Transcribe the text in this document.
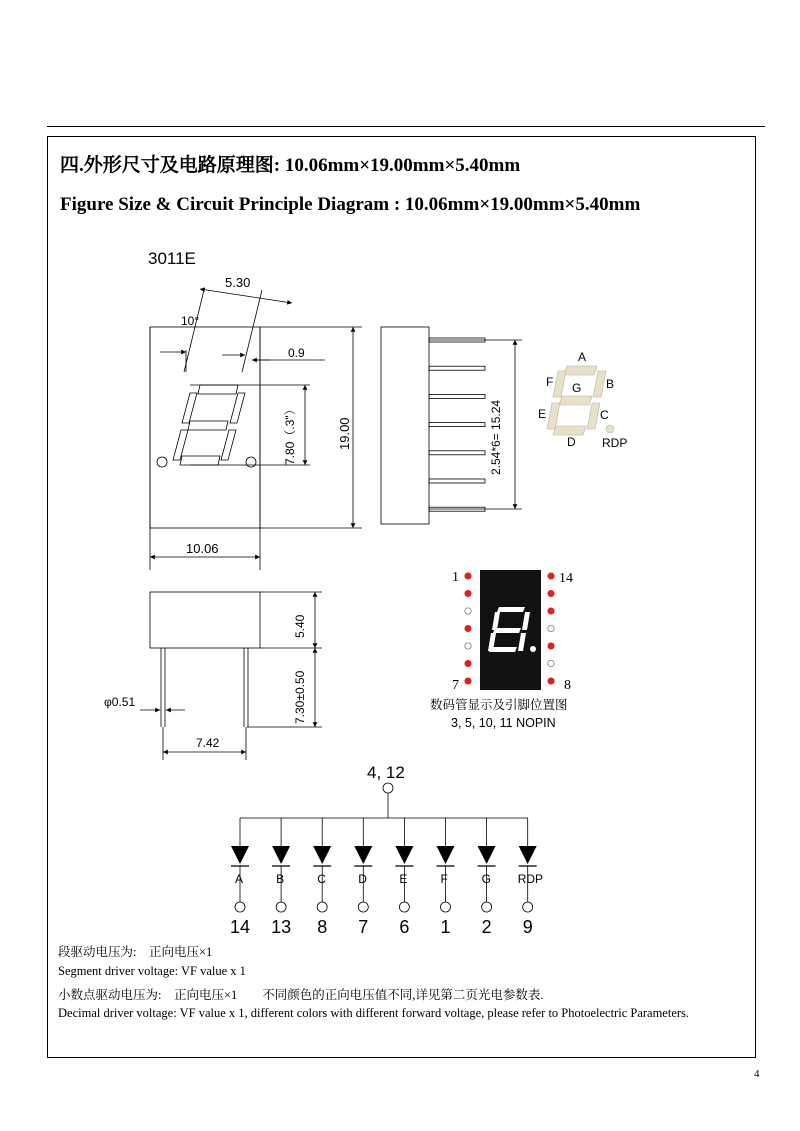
四.外形尺寸及电路原理图: 10.06mm×19.00mm×5.40mm
Figure Size & Circuit Principle Diagram : 10.06mm×19.00mm×5.40mm
3011E
5.30
10°
0.9
7.80（.3"）	19.00
10.06
2.54*6= 15.24
A
F	B
G
E	C
D RDP
5.40
7.30±0.50
φ0.51
7.42
1	14
7	8
数码管显示及引脚位置图
3, 5, 10, 11 NOPIN
4, 12
A
14
B
13
C
8
D
7
E
6
F
1
G
2
RDP
9
段驱动电压为:　正向电压×1
Segment driver voltage: VF value x 1
小数点驱动电压为:　正向电压×1　　不同颜色的正向电压值不同,详见第二页光电参数表.
Decimal driver voltage: VF value x 1, different colors with different forward voltage, please refer to Photoelectric Parameters.
4
